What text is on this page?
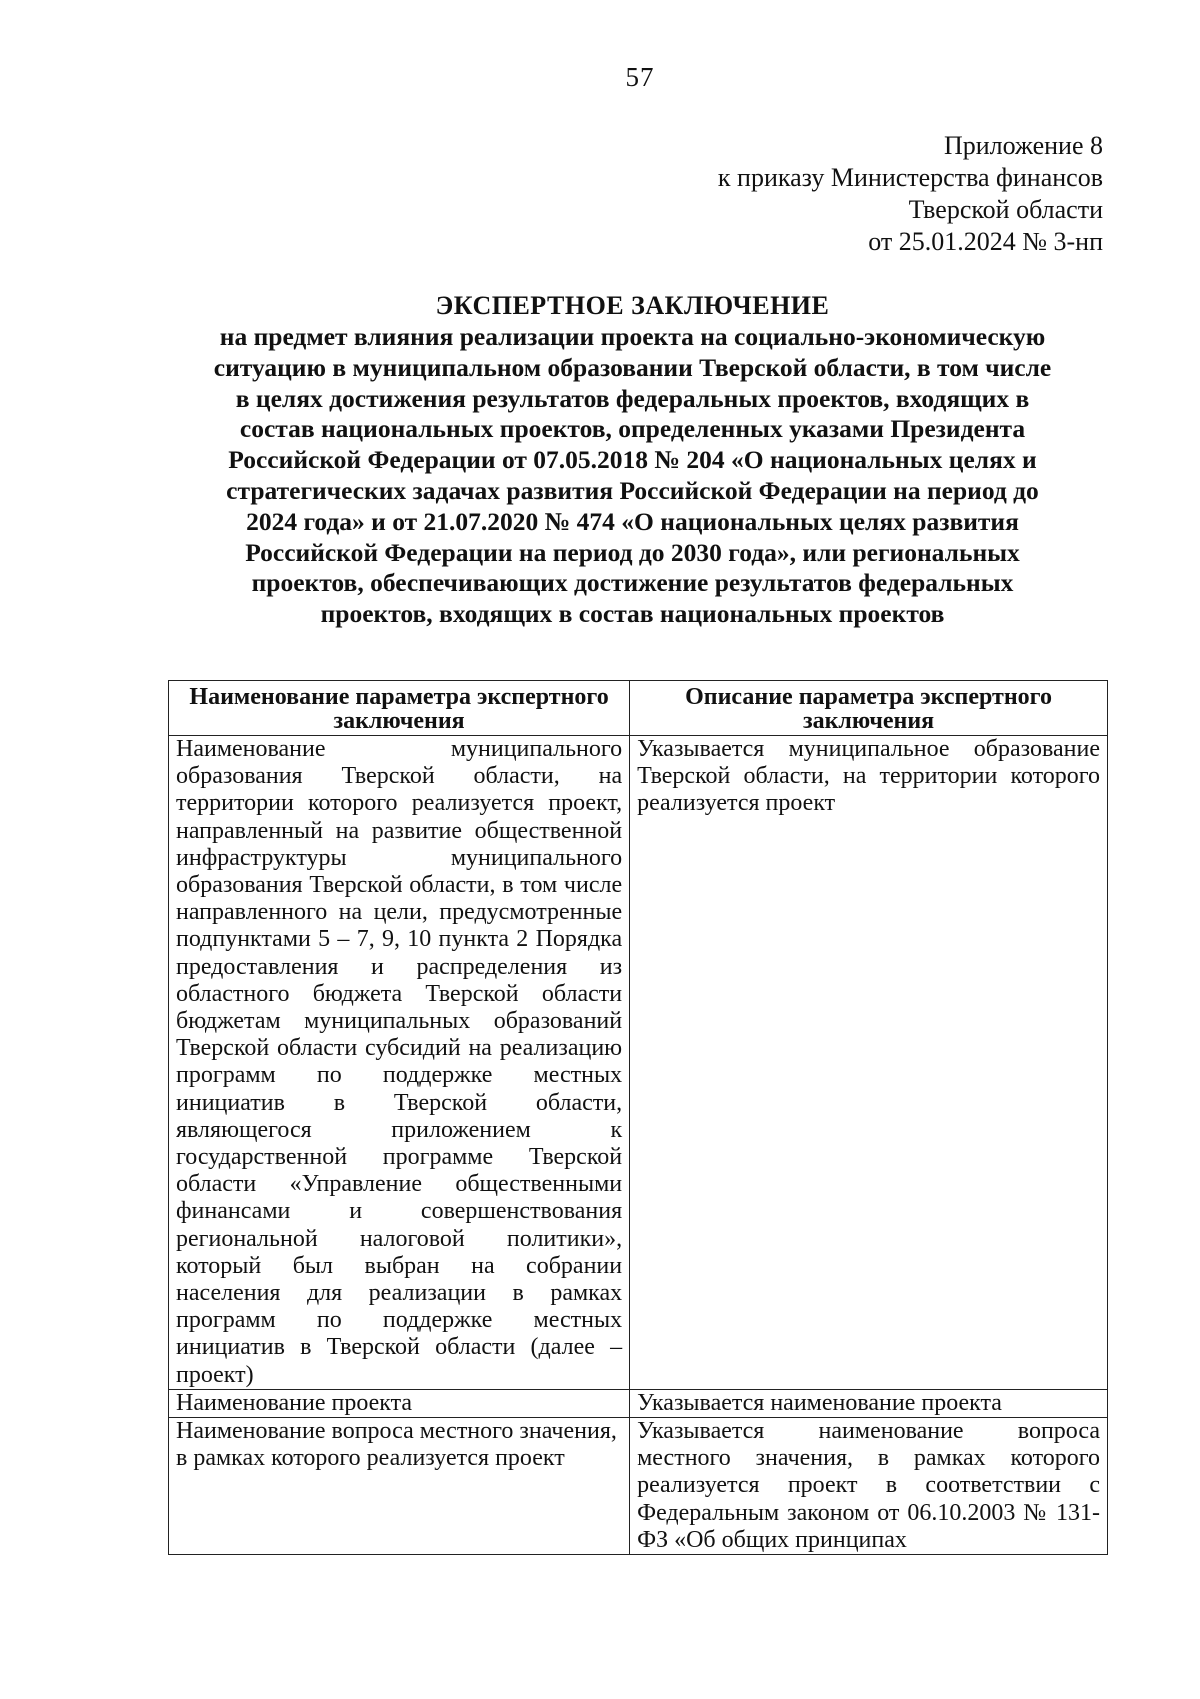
57
Приложение 8
к приказу Министерства финансов
Тверской области
от 25.01.2024 № 3-нп
ЭКСПЕРТНОЕ ЗАКЛЮЧЕНИЕ
на предмет влияния реализации проекта на социально-экономическую
ситуацию в муниципальном образовании Тверской области, в том числе
в целях достижения результатов федеральных проектов, входящих в
состав национальных проектов, определенных указами Президента
Российской Федерации от 07.05.2018 № 204 «О национальных целях и
стратегических задачах развития Российской Федерации на период до
2024 года» и от 21.07.2020 № 474 «О национальных целях развития
Российской Федерации на период до 2030 года», или региональных
проектов, обеспечивающих достижение результатов федеральных
проектов, входящих в состав национальных проектов
Наименование параметра экспертного заключения	Описание параметра экспертного заключения
Наименование муниципального образования Тверской области, на территории которого реализуется проект, направленный на развитие общественной инфраструктуры муниципального образования Тверской области, в том числе направленного на цели, предусмотренные подпунктами 5 – 7, 9, 10 пункта 2 Порядка предоставления и распределения из областного бюджета Тверской области бюджетам муниципальных образований Тверской области субсидий на реализацию программ по поддержке местных инициатив в Тверской области, являющегося приложением к государственной программе Тверской области «Управление общественными финансами и совершенствования региональной налоговой политики», который был выбран на собрании населения для реализации в рамках программ по поддержке местных инициатив в Тверской области (далее – проект)	Указывается муниципальное образование Тверской области, на территории которого реализуется проект
Наименование проекта	Указывается наименование проекта
Наименование вопроса местного значения, в рамках которого реализуется проект	Указывается наименование вопроса местного значения, в рамках которого реализуется проект в соответствии с Федеральным законом от 06.10.2003 № 131-ФЗ «Об общих принципах
